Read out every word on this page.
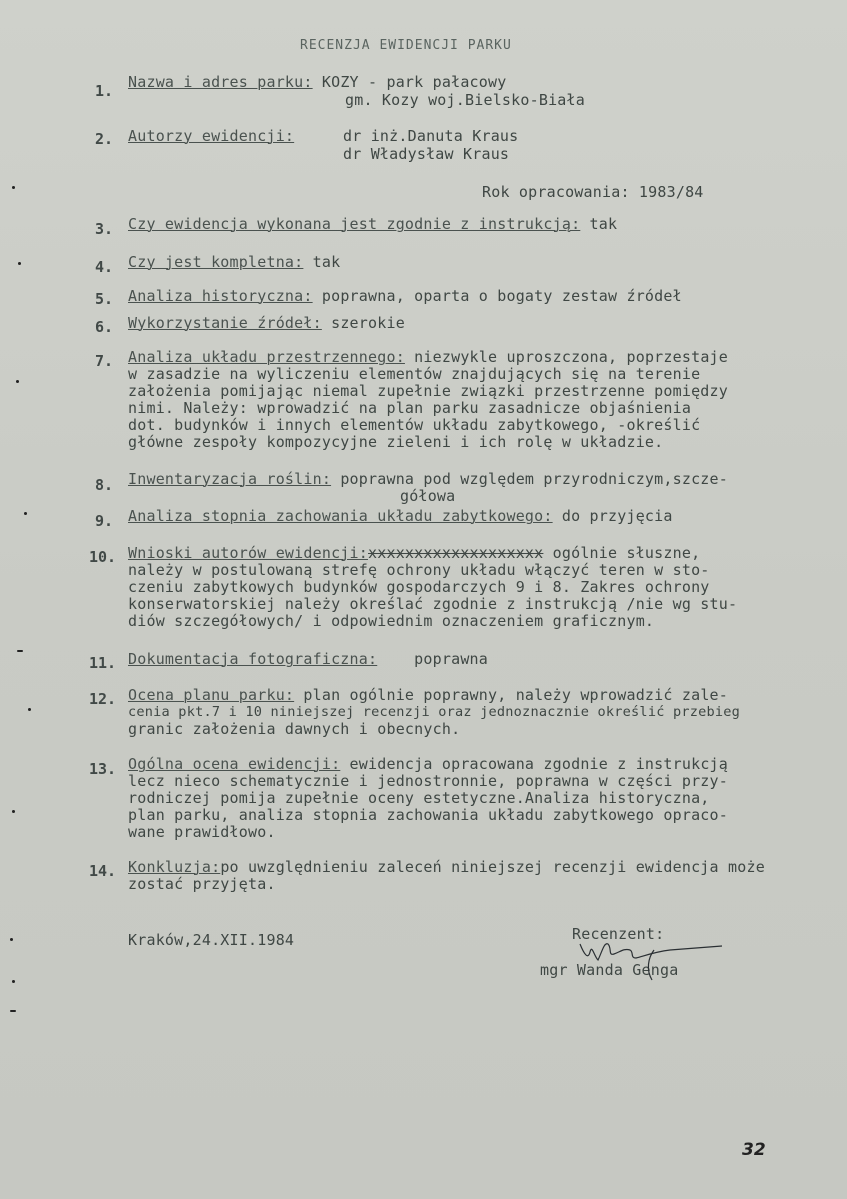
RECENZJA EWIDENCJI PARKU
1. Nazwa i adres parku: KOZY - park pałacowy
gm. Kozy woj.Bielsko-Biała
2. Autorzy ewidencji:	dr inż.Danuta Kraus
dr Władysław Kraus
Rok opracowania: 1983/84
3. Czy ewidencja wykonana jest zgodnie z instrukcją: tak
4. Czy jest kompletna: tak
5. Analiza historyczna: poprawna, oparta o bogaty zestaw źródeł
6. Wykorzystanie źródeł: szerokie
7. Analiza układu przestrzennego: niezwykle uproszczona, poprzestaje
w zasadzie na wyliczeniu elementów znajdujących się na terenie
założenia pomijając niemal zupełnie związki przestrzenne pomiędzy
nimi. Należy: wprowadzić na plan parku zasadnicze objaśnienia
dot. budynków i innych elementów układu zabytkowego, -określić
główne zespoły kompozycyjne zieleni i ich rolę w układzie.
8. Inwentaryzacja roślin: poprawna pod względem przyrodniczym,szcze-
gółowa
9. Analiza stopnia zachowania układu zabytkowego: do przyjęcia
10. Wnioski autorów ewidencji:xxxxxxxxxxxxxxxxxxx ogólnie słuszne,
należy w postulowaną strefę ochrony układu włączyć teren w sto-
czeniu zabytkowych budynków gospodarczych 9 i 8. Zakres ochrony
konserwatorskiej należy określać zgodnie z instrukcją /nie wg stu-
diów szczegółowych/ i odpowiednim oznaczeniem graficznym.
11. Dokumentacja fotograficzna: poprawna
12. Ocena planu parku: plan ogólnie poprawny, należy wprowadzić zale-
cenia pkt.7 i 10 niniejszej recenzji oraz jednoznacznie określić przebieg
granic założenia dawnych i obecnych.
13. Ogólna ocena ewidencji: ewidencja opracowana zgodnie z instrukcją
lecz nieco schematycznie i jednostronnie, poprawna w części przy-
rodniczej pomija zupełnie oceny estetyczne.Analiza historyczna,
plan parku, analiza stopnia zachowania układu zabytkowego opraco-
wane prawidłowo.
14. Konkluzja:po uwzględnieniu zaleceń niniejszej recenzji ewidencja może
zostać przyjęta.
Kraków,24.XII.1984	Recenzent:
mgr Wanda Genga
32
